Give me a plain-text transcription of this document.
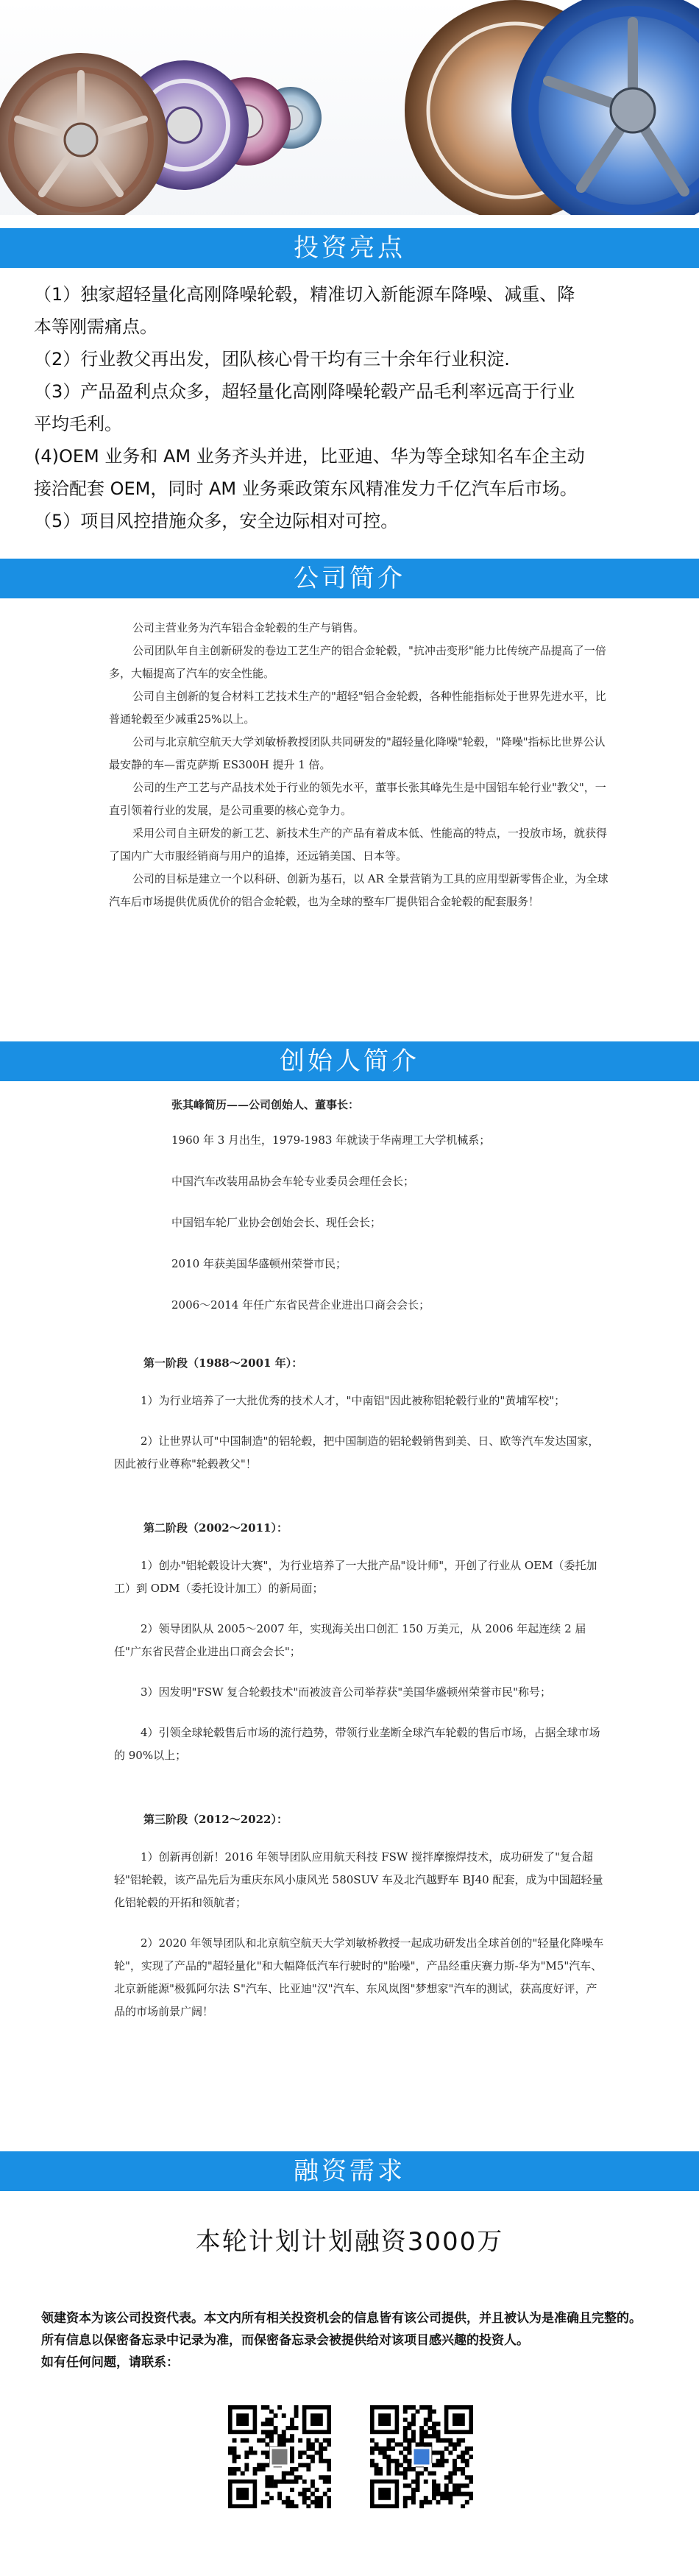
投资亮点

（1）独家超轻量化高刚降噪轮毂，精准切入新能源车降噪、减重、降

本等刚需痛点。

（2）行业教父再出发，团队核心骨干均有三十余年行业积淀.

（3）产品盈利点众多，超轻量化高刚降噪轮毂产品毛利率远高于行业

平均毛利。

(4)OEM 业务和 AM 业务齐头并进，比亚迪、华为等全球知名车企主动

接洽配套 OEM，同时 AM 业务乘政策东风精准发力千亿汽车后市场。

（5）项目风控措施众多，安全边际相对可控。

公司简介

公司主营业务为汽车铝合金轮毂的生产与销售。

公司团队年自主创新研发的卷边工艺生产的铝合金轮毂，"抗冲击变形"能力比传统产品提高了一倍多，大幅提高了汽车的安全性能。

公司自主创新的复合材料工艺技术生产的"超轻"铝合金轮毂，各种性能指标处于世界先进水平，比普通轮毂至少减重25%以上。

公司与北京航空航天大学刘敏桥教授团队共同研发的"超轻量化降噪"轮毂，"降噪"指标比世界公认最安静的车—雷克萨斯 ES300H 提升 1 倍。

公司的生产工艺与产品技术处于行业的领先水平，董事长张其峰先生是中国铝车轮行业"教父"，一直引领着行业的发展，是公司重要的核心竞争力。

采用公司自主研发的新工艺、新技术生产的产品有着成本低、性能高的特点，一投放市场，就获得了国内广大市服经销商与用户的追捧，还远销美国、日本等。

公司的目标是建立一个以科研、创新为基石，以 AR 全景营销为工具的应用型新零售企业，为全球汽车后市场提供优质优价的铝合金轮毂，也为全球的整车厂提供铝合金轮毂的配套服务！

创始人简介
张其峰简历——公司创始人、董事长：

1960 年 3 月出生，1979-1983 年就读于华南理工大学机械系；

中国汽车改装用品协会车轮专业委员会理任会长；

中国铝车轮厂业协会创始会长、现任会长；

2010 年获美国华盛顿州荣誉市民；

2006～2014 年任广东省民营企业进出口商会会长；

第一阶段（1988～2001 年）：

1）为行业培养了一大批优秀的技术人才，"中南铝"因此被称铝轮毂行业的"黄埔军校"；

2）让世界认可"中国制造"的铝轮毂，把中国制造的铝轮毂销售到美、日、欧等汽车发达国家，因此被行业尊称"轮毂教父"！

第二阶段（2002～2011）：

1）创办"铝轮毂设计大赛"，为行业培养了一大批产品"设计师"，开创了行业从 OEM（委托加工）到 ODM（委托设计加工）的新局面；

2）领导团队从 2005～2007 年，实现海关出口创汇 150 万美元，从 2006 年起连续 2 届任"广东省民营企业进出口商会会长"；

3）因发明"FSW 复合轮毂技术"而被波音公司举荐获"美国华盛顿州荣誉市民"称号；

4）引领全球轮毂售后市场的流行趋势，带领行业垄断全球汽车轮毂的售后市场，占据全球市场的 90%以上；

第三阶段（2012～2022）：

1）创新再创新！2016 年领导团队应用航天科技 FSW 搅拌摩擦焊技术，成功研发了"复合超轻"铝轮毂，该产品先后为重庆东风小康风光 580SUV 车及北汽越野车 BJ40 配套，成为中国超轻量化铝轮毂的开拓和领航者；

2）2020 年领导团队和北京航空航天大学刘敏桥教授一起成功研发出全球首创的"轻量化降噪车轮"，实现了产品的"超轻量化"和大幅降低汽车行驶时的"胎噪"，产品经重庆赛力斯-华为"M5"汽车、北京新能源"极狐阿尔法 S"汽车、比亚迪"汉"汽车、东风岚图"梦想家"汽车的测试，获高度好评，产品的市场前景广阔！

融资需求
本轮计划计划融资3000万

领建资本为该公司投资代表。本文内所有相关投资机会的信息皆有该公司提供，并且被认为是准确且完整的。

所有信息以保密备忘录中记录为准，而保密备忘录会被提供给对该项目感兴趣的投资人。

如有任何问题，请联系：
